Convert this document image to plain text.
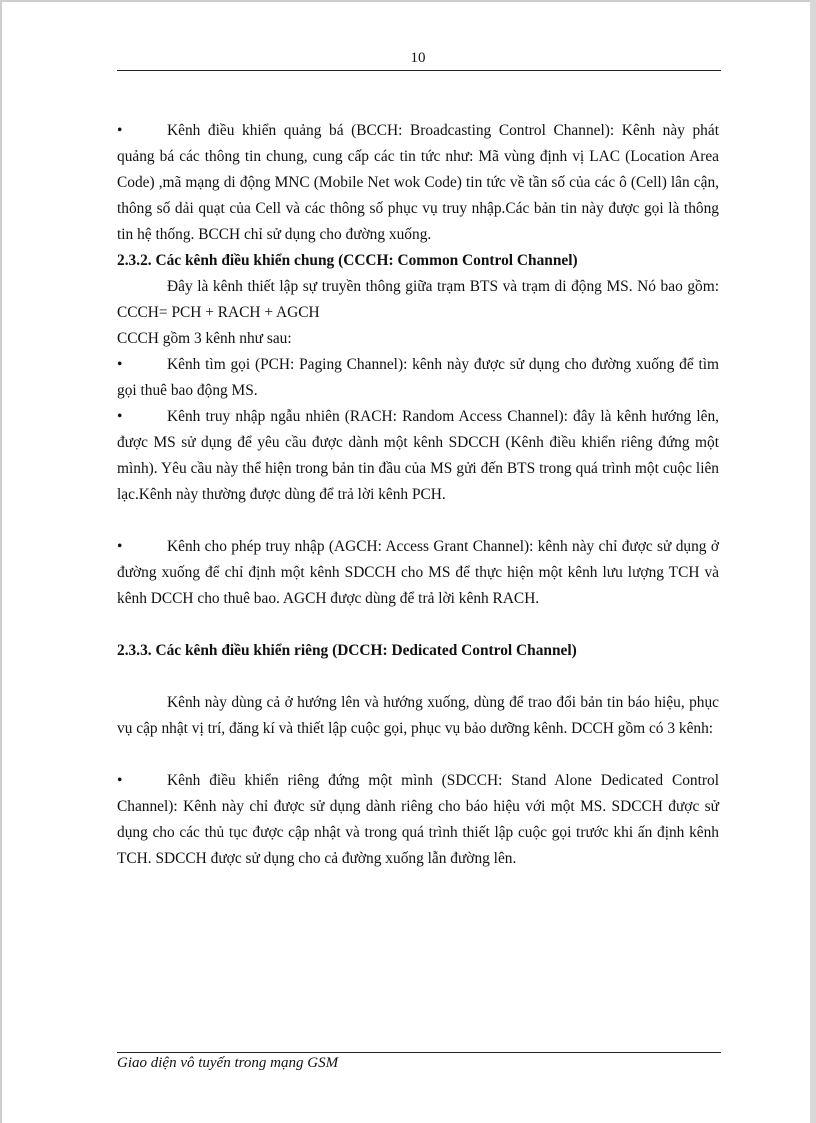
10

•	Kênh điều khiển quảng bá (BCCH: Broadcasting Control Channel): Kênh này phát quảng bá các thông tin chung, cung cấp các tin tức như: Mã vùng định vị LAC (Location Area Code) ,mã mạng di động MNC (Mobile Net wok Code) tin tức về tần số của các ô (Cell) lân cận, thông số dải quạt của Cell và các thông số phục vụ truy nhập.Các bản tin này được gọi là thông tin hệ thống. BCCH chỉ sử dụng cho đường xuống.

2.3.2. Các kênh điều khiển chung (CCCH: Common Control Channel)

Đây là kênh thiết lập sự truyền thông giữa trạm BTS và trạm di động MS. Nó bao gồm: CCCH= PCH + RACH + AGCH

CCCH gồm 3 kênh như sau:

•	Kênh tìm gọi (PCH: Paging Channel): kênh này được sử dụng cho đường xuống để tìm gọi thuê bao động MS.

•	Kênh truy nhập ngẫu nhiên (RACH: Random Access Channel): đây là kênh hướng lên, được MS sử dụng để yêu cầu được dành một kênh SDCCH (Kênh điều khiển riêng đứng một mình). Yêu cầu này thể hiện trong bản tin đầu của MS gửi đến BTS trong quá trình một cuộc liên lạc.Kênh này thường được dùng để trả lời kênh PCH.

•	Kênh cho phép truy nhập (AGCH: Access Grant Channel): kênh này chỉ được sử dụng ở đường xuống để chỉ định một kênh SDCCH cho MS để thực hiện một kênh lưu lượng TCH và kênh DCCH cho thuê bao. AGCH được dùng để trả lời kênh RACH.

2.3.3. Các kênh điều khiển riêng (DCCH: Dedicated Control Channel)

Kênh này dùng cả ở hướng lên và hướng xuống, dùng để trao đổi bản tin báo hiệu, phục vụ cập nhật vị trí, đăng kí và thiết lập cuộc gọi, phục vụ bảo dưỡng kênh. DCCH gồm có 3 kênh:

•	Kênh điều khiển riêng đứng một mình (SDCCH: Stand Alone Dedicated Control Channel): Kênh này chỉ được sử dụng dành riêng cho báo hiệu với một MS. SDCCH được sử dụng cho các thủ tục được cập nhật và trong quá trình thiết lập cuộc gọi trước khi ấn định kênh TCH. SDCCH được sử dụng cho cả đường xuống lẫn đường lên.

Giao diện vô tuyến trong mạng GSM
